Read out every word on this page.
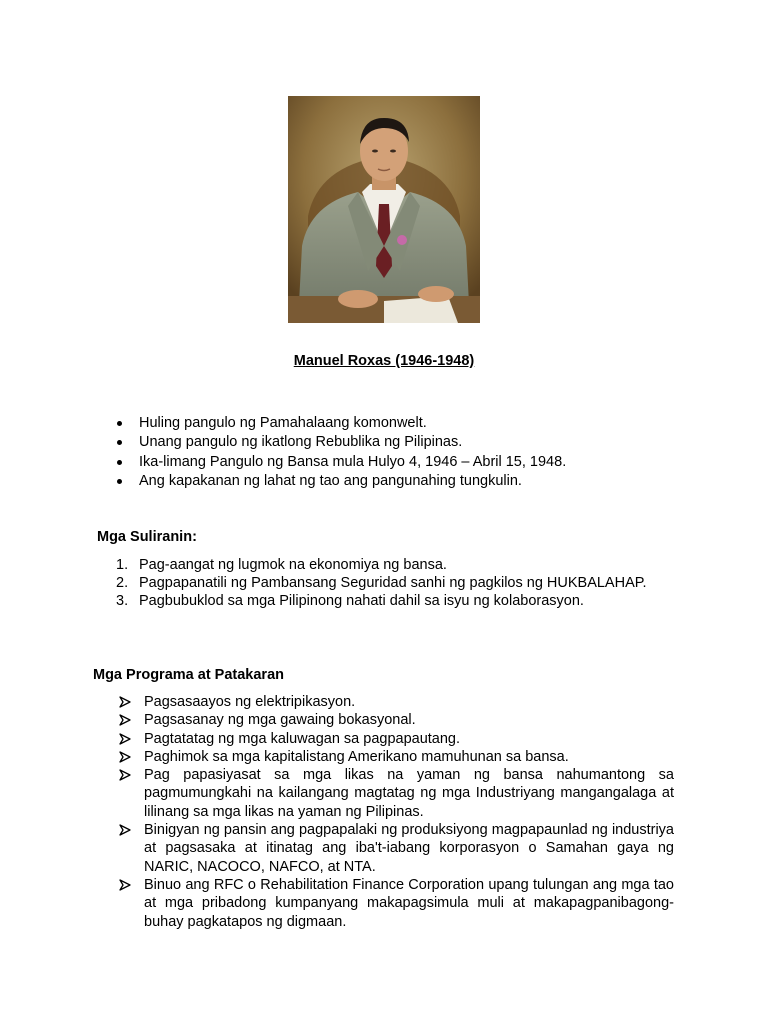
Manuel Roxas (1946-1948)
Huling pangulo ng Pamahalaang komonwelt.
Unang pangulo ng ikatlong Rebublika ng Pilipinas.
Ika-limang Pangulo ng Bansa mula Hulyo 4, 1946 – Abril 15, 1948.
Ang kapakanan ng lahat ng tao ang pangunahing tungkulin.
Mga Suliranin:
1. Pag-aangat ng lugmok na ekonomiya ng bansa.
2. Pagpapanatili ng Pambansang Seguridad sanhi ng pagkilos ng HUKBALAHAP.
3. Pagbubuklod sa mga Pilipinong nahati dahil sa isyu ng kolaborasyon.
Mga Programa at Patakaran
Pagsasaayos ng elektripikasyon.
Pagsasanay ng mga gawaing bokasyonal.
Pagtatatag ng mga kaluwagan sa pagpapautang.
Paghimok sa mga kapitalistang Amerikano mamuhunan sa bansa.
Pag papasiyasat sa mga likas na yaman ng bansa nahumantong sa pagmumungkahi na kailangang magtatag ng mga Industriyang mangangalaga at lilinang sa mga likas na yaman ng Pilipinas.
Binigyan ng pansin ang pagpapalaki ng produksiyong magpapaunlad ng industriya at pagsasaka at itinatag ang iba't-iabang korporasyon o Samahan gaya ng NARIC, NACOCO, NAFCO, at NTA.
Binuo ang RFC o Rehabilitation Finance Corporation upang tulungan ang mga tao at mga pribadong kumpanyang makapagsimula muli at makapagpanibagong-buhay pagkatapos ng digmaan.
